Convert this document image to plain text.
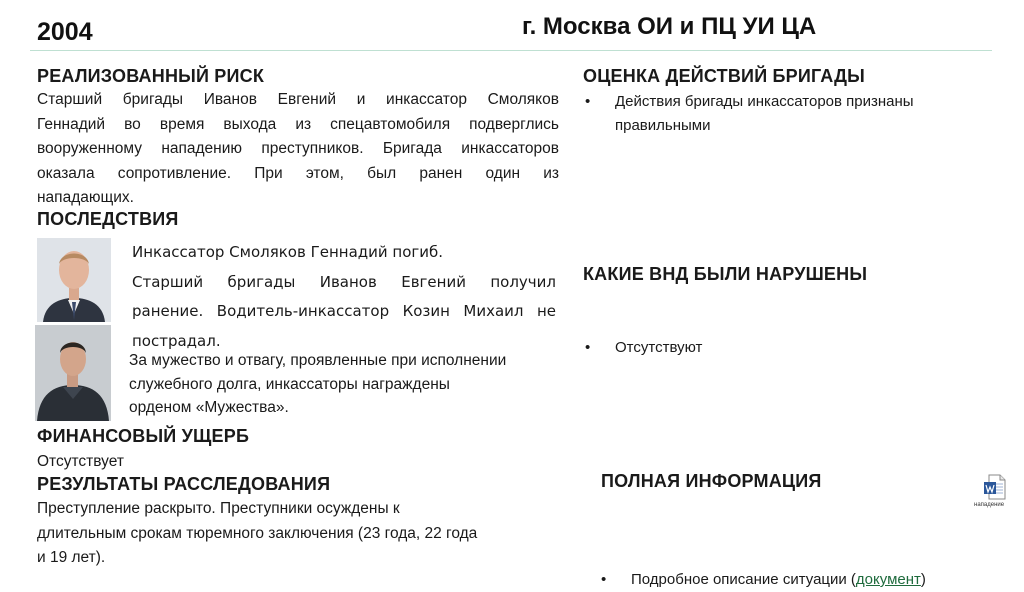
2004	г. Москва ОИ и ПЦ УИ ЦА
РЕАЛИЗОВАННЫЙ РИСК
Старший бригады Иванов Евгений и инкассатор Смоляков
Геннадий во время выхода из спецавтомобиля подверглись
вооруженному нападению преступников. Бригада инкассаторов
оказала сопротивление. При этом, был ранен один из
нападающих.
ПОСЛЕДСТВИЯ
Инкассатор Смоляков Геннадий погиб.
Старший бригады Иванов Евгений получил
ранение. Водитель-инкассатор Козин Михаил не
пострадал.
За мужество и отвагу, проявленные при исполнении
служебного долга, инкассаторы награждены
орденом «Мужества».
ФИНАНСОВЫЙ УЩЕРБ
Отсутствует
РЕЗУЛЬТАТЫ РАССЛЕДОВАНИЯ
Преступление раскрыто. Преступники осуждены к
длительным срокам тюремного заключения (23 года, 22 года
и 19 лет).
ОЦЕНКА ДЕЙСТВИЙ БРИГАДЫ
• Действия бригады инкассаторов признаны
правильными
КАКИЕ ВНД БЫЛИ НАРУШЕНЫ
• Отсутствуют
ПОЛНАЯ ИНФОРМАЦИЯ
• Подробное описание ситуации (документ)
нападение
